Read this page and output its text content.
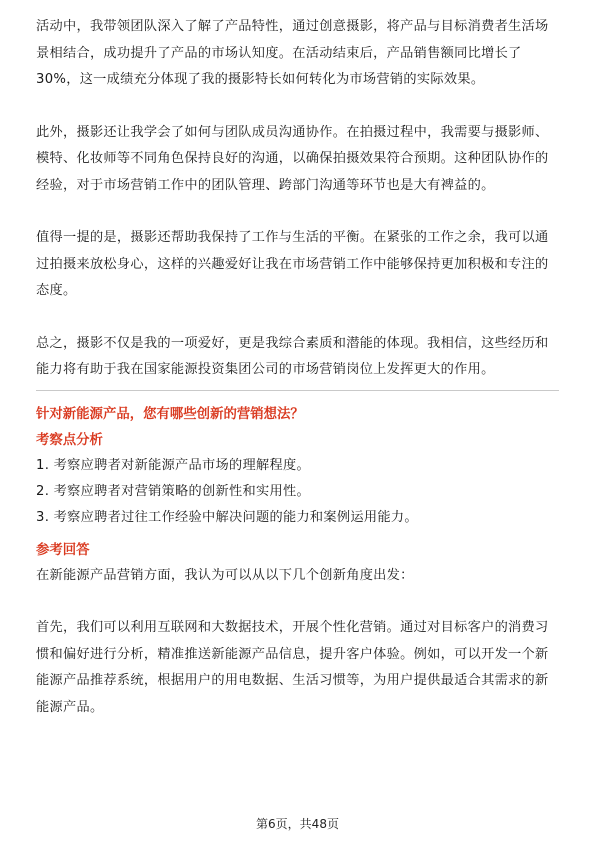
活动中，我带领团队深入了解了产品特性，通过创意摄影，将产品与目标消费者生活场景相结合，成功提升了产品的市场认知度。在活动结束后，产品销售额同比增长了30%，这一成绩充分体现了我的摄影特长如何转化为市场营销的实际效果。

此外，摄影还让我学会了如何与团队成员沟通协作。在拍摄过程中，我需要与摄影师、模特、化妆师等不同角色保持良好的沟通，以确保拍摄效果符合预期。这种团队协作的经验，对于市场营销工作中的团队管理、跨部门沟通等环节也是大有裨益的。

值得一提的是，摄影还帮助我保持了工作与生活的平衡。在紧张的工作之余，我可以通过拍摄来放松身心，这样的兴趣爱好让我在市场营销工作中能够保持更加积极和专注的态度。

总之，摄影不仅是我的一项爱好，更是我综合素质和潜能的体现。我相信，这些经历和能力将有助于我在国家能源投资集团公司的市场营销岗位上发挥更大的作用。

针对新能源产品，您有哪些创新的营销想法？
考察点分析
1. 考察应聘者对新能源产品市场的理解程度。
2. 考察应聘者对营销策略的创新性和实用性。
3. 考察应聘者过往工作经验中解决问题的能力和案例运用能力。
参考回答

在新能源产品营销方面，我认为可以从以下几个创新角度出发：

首先，我们可以利用互联网和大数据技术，开展个性化营销。通过对目标客户的消费习惯和偏好进行分析，精准推送新能源产品信息，提升客户体验。例如，可以开发一个新能源产品推荐系统，根据用户的用电数据、生活习惯等，为用户提供最适合其需求的新能源产品。

第6页，共48页
